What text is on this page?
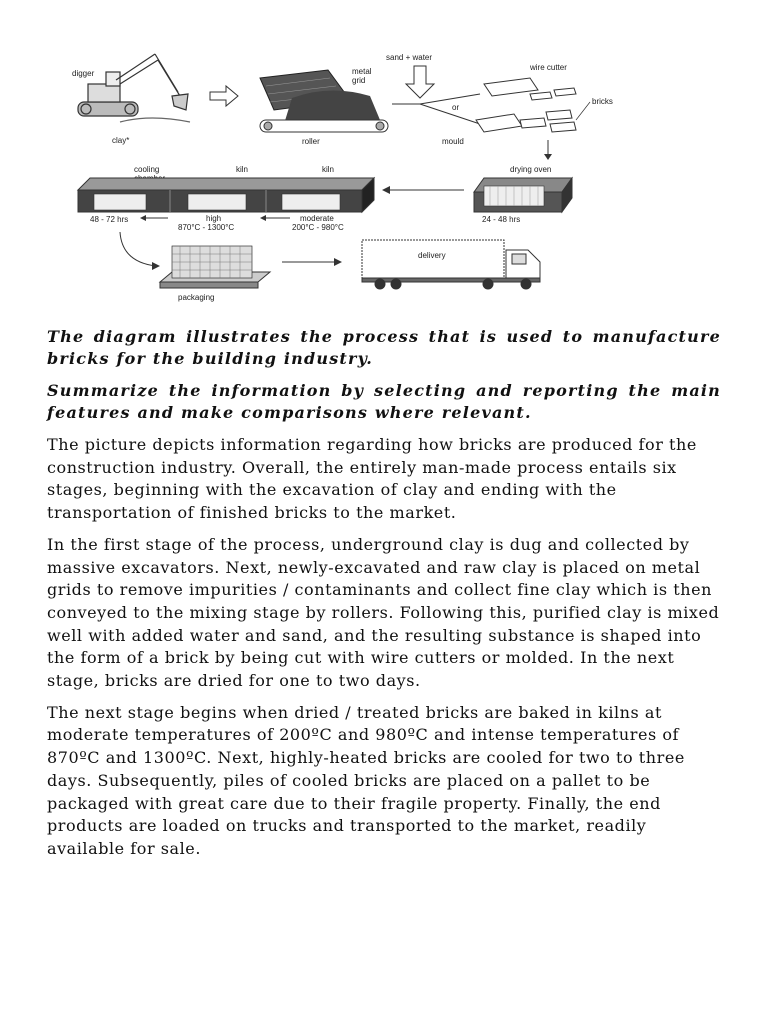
digger
clay*
metal grid
roller
sand + water
or
wire cutter
mould
bricks
drying oven
24 - 48 hrs
cooling	kiln	kiln
48 - 72 hrs	high
870°C - 1300°C
moderate
200°C - 980°C
packaging
delivery

The diagram illustrates the process that is used to manufacture bricks for the building industry.

Summarize the information by selecting and reporting the main features and make comparisons where relevant.

The picture depicts information regarding how bricks are produced for the construction industry. Overall, the entirely man-made process entails six stages, beginning with the excavation of clay and ending with the transportation of finished bricks to the market.

In the first stage of the process, underground clay is dug and collected by massive excavators. Next, newly-excavated and raw clay is placed on metal grids to remove impurities / contaminants and collect fine clay which is then conveyed to the mixing stage by rollers. Following this, purified clay is mixed well with added water and sand, and the resulting substance is shaped into the form of a brick by being cut with wire cutters or molded. In the next stage, bricks are dried for one to two days.

The next stage begins when dried / treated bricks are baked in kilns at moderate temperatures of 200ºC and 980ºC and intense temperatures of 870ºC and 1300ºC. Next, highly-heated bricks are cooled for two to three days. Subsequently, piles of cooled bricks are placed on a pallet to be packaged with great care due to their fragile property. Finally, the end products are loaded on trucks and transported to the market, readily available for sale.
